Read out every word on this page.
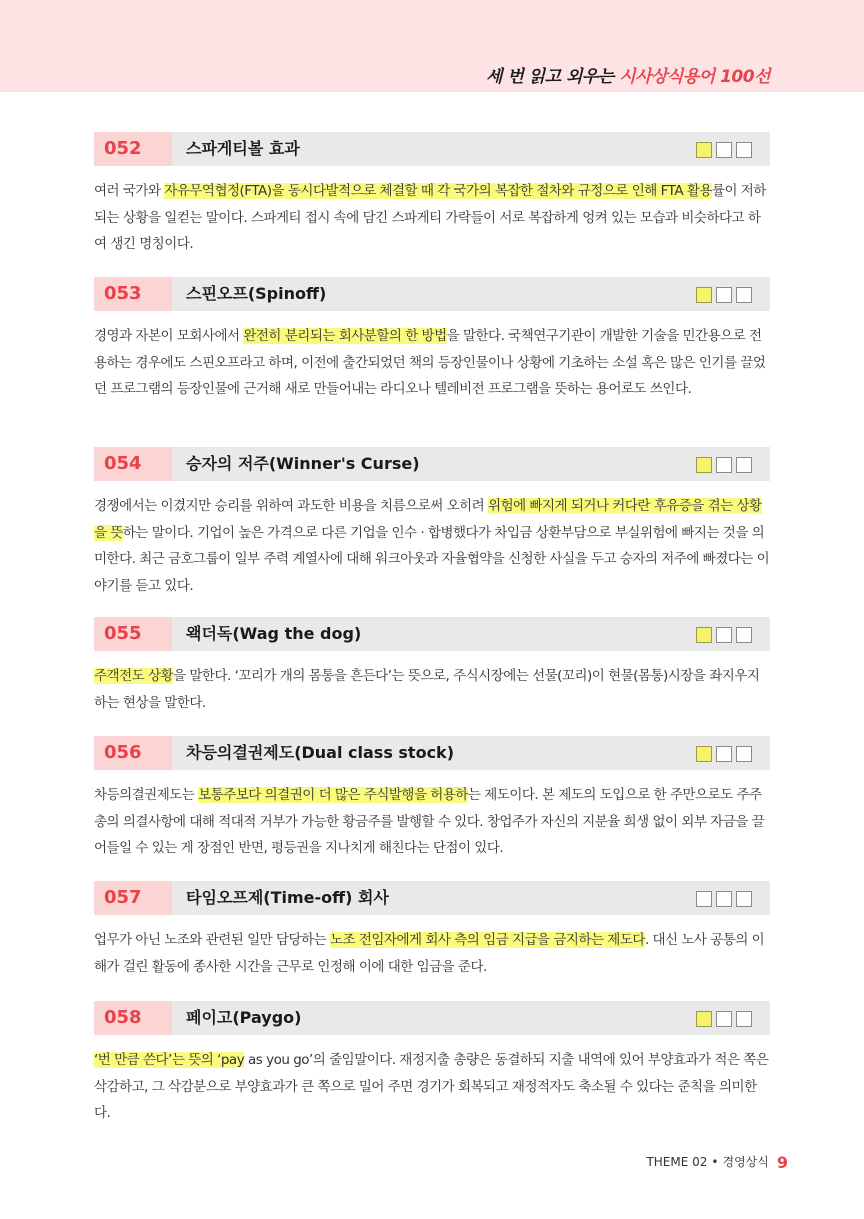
세 번 읽고 외우는 시사상식용어 100선
052	스파게티볼 효과
여러 국가와 자유무역협정(FTA)을 동시다발적으로 체결할 때 각 국가의 복잡한 절차와 규정으로 인해 FTA 활용률이 저하되는 상황을 일컫는 말이다. 스파게티 접시 속에 담긴 스파게티 가락들이 서로 복잡하게 엉켜 있는 모습과 비슷하다고 하여 생긴 명칭이다.
053	스핀오프(Spinoff)
경영과 자본이 모회사에서 완전히 분리되는 회사분할의 한 방법을 말한다. 국책연구기관이 개발한 기술을 민간용으로 전용하는 경우에도 스핀오프라고 하며, 이전에 출간되었던 책의 등장인물이나 상황에 기초하는 소설 혹은 많은 인기를 끌었던 프로그램의 등장인물에 근거해 새로 만들어내는 라디오나 텔레비전 프로그램을 뜻하는 용어로도 쓰인다.
054	승자의 저주(Winner's Curse)
경쟁에서는 이겼지만 승리를 위하여 과도한 비용을 치름으로써 오히려 위험에 빠지게 되거나 커다란 후유증을 겪는 상황을 뜻하는 말이다. 기업이 높은 가격으로 다른 기업을 인수 · 합병했다가 차입금 상환부담으로 부실위험에 빠지는 것을 의미한다. 최근 금호그룹이 일부 주력 계열사에 대해 워크아웃과 자율협약을 신청한 사실을 두고 승자의 저주에 빠졌다는 이야기를 듣고 있다.
055	왝더독(Wag the dog)
주객전도 상황을 말한다. ‘꼬리가 개의 몸통을 흔든다’는 뜻으로, 주식시장에는 선물(꼬리)이 현물(몸통)시장을 좌지우지하는 현상을 말한다.
056	차등의결권제도(Dual class stock)
차등의결권제도는 보통주보다 의결권이 더 많은 주식발행을 허용하는 제도이다. 본 제도의 도입으로 한 주만으로도 주주총의 의결사항에 대해 적대적 거부가 가능한 황금주를 발행할 수 있다. 창업주가 자신의 지분율 희생 없이 외부 자금을 끌어들일 수 있는 게 장점인 반면, 평등권을 지나치게 해친다는 단점이 있다.
057	타임오프제(Time-off) 회사
업무가 아닌 노조와 관련된 일만 담당하는 노조 전임자에게 회사 측의 임금 지급을 금지하는 제도다. 대신 노사 공통의 이해가 걸린 활동에 종사한 시간을 근무로 인정해 이에 대한 임금을 준다.
058	페이고(Paygo)
‘번 만큼 쓴다’는 뜻의 ‘pay as you go’의 줄임말이다. 재정지출 총량은 동결하되 지출 내역에 있어 부양효과가 적은 쪽은 삭감하고, 그 삭감분으로 부양효과가 큰 쪽으로 밀어 주면 경기가 회복되고 재정적자도 축소될 수 있다는 준칙을 의미한다.
THEME 02 • 경영상식 9
